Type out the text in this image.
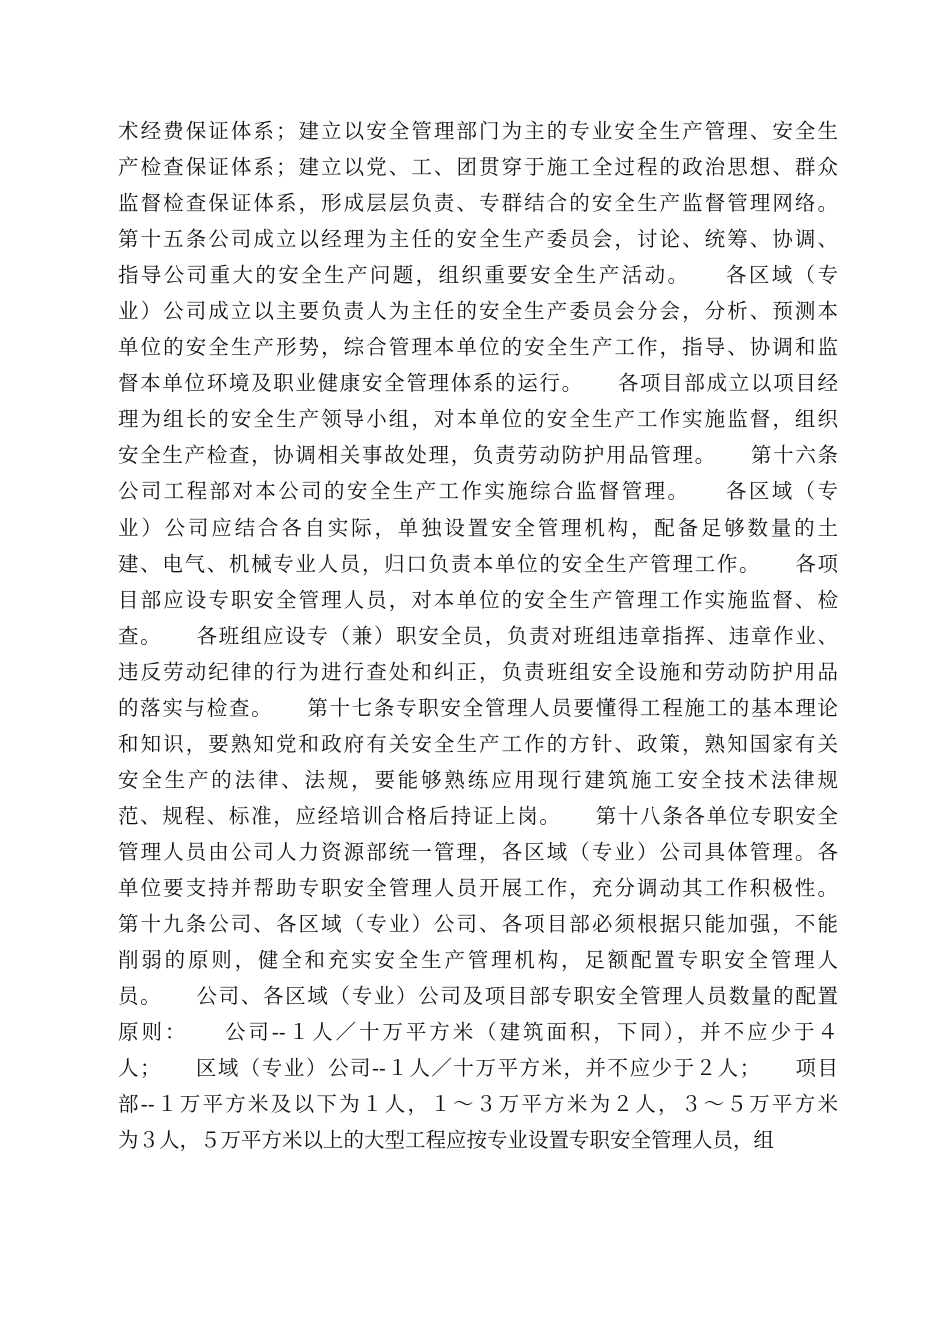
术经费保证体系；建立以安全管理部门为主的专业安全生产管理、安全生
产检查保证体系；建立以党、工、团贯穿于施工全过程的政治思想、群众
监督检查保证体系，形成层层负责、专群结合的安全生产监督管理网络。
第十五条公司成立以经理为主任的安全生产委员会，讨论、统筹、协调、
指导公司重大的安全生产问题，组织重要安全生产活动。　　各区域（专
业）公司成立以主要负责人为主任的安全生产委员会分会，分析、预测本
单位的安全生产形势，综合管理本单位的安全生产工作，指导、协调和监
督本单位环境及职业健康安全管理体系的运行。　　各项目部成立以项目经
理为组长的安全生产领导小组，对本单位的安全生产工作实施监督，组织
安全生产检查，协调相关事故处理，负责劳动防护用品管理。　　第十六条
公司工程部对本公司的安全生产工作实施综合监督管理。　　各区域（专
业）公司应结合各自实际，单独设置安全管理机构，配备足够数量的土
建、电气、机械专业人员，归口负责本单位的安全生产管理工作。　　各项
目部应设专职安全管理人员，对本单位的安全生产管理工作实施监督、检
查。　　各班组应设专（兼）职安全员，负责对班组违章指挥、违章作业、
违反劳动纪律的行为进行查处和纠正，负责班组安全设施和劳动防护用品
的落实与检查。　　第十七条专职安全管理人员要懂得工程施工的基本理论
和知识，要熟知党和政府有关安全生产工作的方针、政策，熟知国家有关
安全生产的法律、法规，要能够熟练应用现行建筑施工安全技术法律规
范、规程、标准，应经培训合格后持证上岗。　　第十八条各单位专职安全
管理人员由公司人力资源部统一管理，各区域（专业）公司具体管理。各
单位要支持并帮助专职安全管理人员开展工作，充分调动其工作积极性。
第十九条公司、各区域（专业）公司、各项目部必须根据只能加强，不能
削弱的原则，健全和充实安全生产管理机构，足额配置专职安全管理人
员。　　公司、各区域（专业）公司及项目部专职安全管理人员数量的配置
原则：　　公司--１人／十万平方米（建筑面积，下同），并不应少于４
人；　　区域（专业）公司--１人／十万平方米，并不应少于２人；　　项目
部--１万平方米及以下为１人，１～３万平方米为２人，３～５万平方米
为３人，５万平方米以上的大型工程应按专业设置专职安全管理人员，组
